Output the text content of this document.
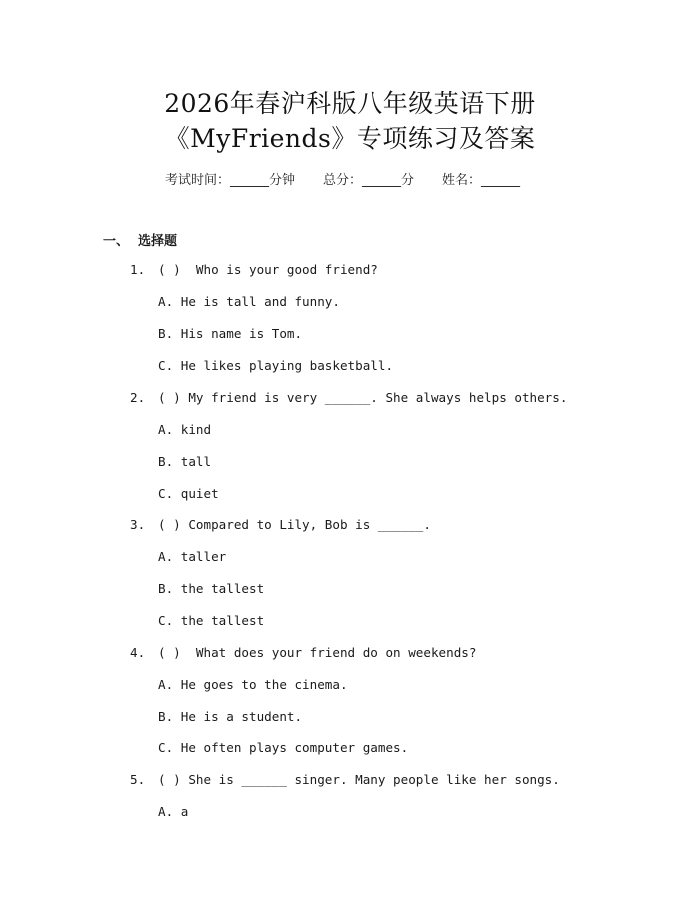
2026年春沪科版八年级英语下册
《MyFriends》专项练习及答案
考试时间：______分钟 总分：______分 姓名：______
一、 选择题

1.

( )  Who is your good friend?

A. He is tall and funny.
B. His name is Tom.
C. He likes playing basketball.

2.

( ) My friend is very ______. She always helps others.

A. kind
B. tall
C. quiet

3.

( ) Compared to Lily, Bob is ______.

A. taller
B. the tallest
C. the tallest

4.

( )  What does your friend do on weekends?

A. He goes to the cinema.
B. He is a student.
C. He often plays computer games.

5.

( ) She is ______ singer. Many people like her songs.

A. a
